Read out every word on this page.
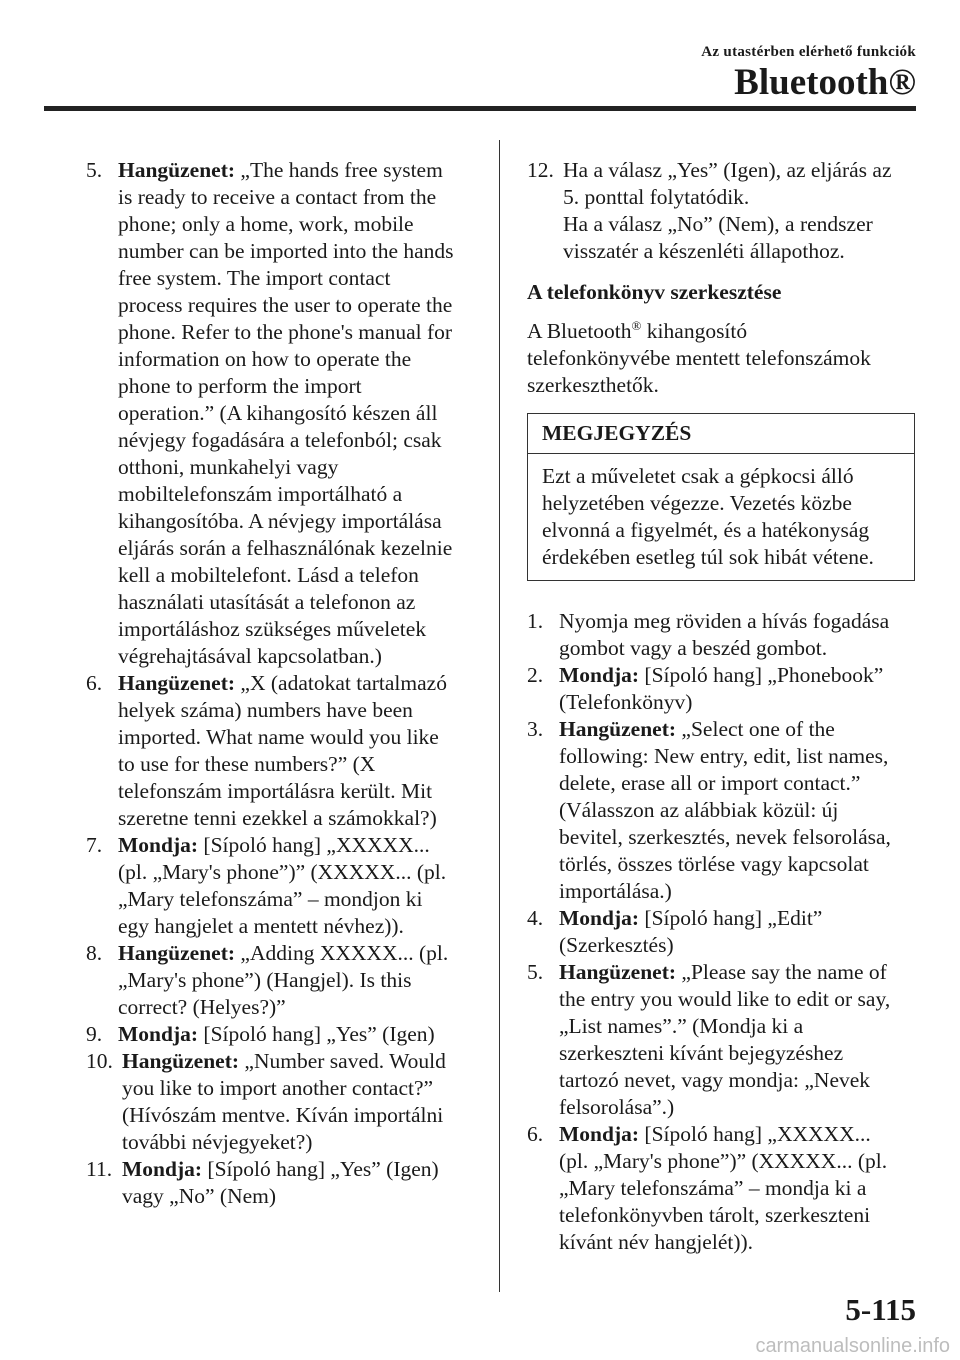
Az utastérben elérhető funkciók
Bluetooth®
5. Hangüzenet: „The hands free system
is ready to receive a contact from the
phone; only a home, work, mobile
number can be imported into the hands
free system. The import contact
process requires the user to operate the
phone. Refer to the phone's manual for
information on how to operate the
phone to perform the import
operation.” (A kihangosító készen áll
névjegy fogadására a telefonból; csak
otthoni, munkahelyi vagy
mobiltelefonszám importálható a
kihangosítóba. A névjegy importálása
eljárás során a felhasználónak kezelnie
kell a mobiltelefont. Lásd a telefon
használati utasítását a telefonon az
importáláshoz szükséges műveletek
végrehajtásával kapcsolatban.)
6. Hangüzenet: „X (adatokat tartalmazó
helyek száma) numbers have been
imported. What name would you like
to use for these numbers?” (X
telefonszám importálásra került. Mit
szeretne tenni ezekkel a számokkal?)
7. Mondja: [Sípoló hang] „XXXXX...
(pl. „Mary's phone”)” (XXXXX... (pl.
„Mary telefonszáma” – mondjon ki
egy hangjelet a mentett névhez)).
8. Hangüzenet: „Adding XXXXX... (pl.
„Mary's phone”) (Hangjel). Is this
correct? (Helyes?)”
9. Mondja: [Sípoló hang] „Yes” (Igen)
10. Hangüzenet: „Number saved. Would
you like to import another contact?”
(Hívószám mentve. Kíván importálni
további névjegyeket?)
11. Mondja: [Sípoló hang] „Yes” (Igen)
vagy „No” (Nem)
12. Ha a válasz „Yes” (Igen), az eljárás az
5. ponttal folytatódik.
Ha a válasz „No” (Nem), a rendszer
visszatér a készenléti állapothoz.
A telefonkönyv szerkesztése
A Bluetooth® kihangosító
telefonkönyvébe mentett telefonszámok
szerkeszthetők.
MEGJEGYZÉS
Ezt a műveletet csak a gépkocsi álló
helyzetében végezze. Vezetés közbe
elvonná a figyelmét, és a hatékonyság
érdekében esetleg túl sok hibát vétene.
1. Nyomja meg röviden a hívás fogadása
gombot vagy a beszéd gombot.
2. Mondja: [Sípoló hang] „Phonebook”
(Telefonkönyv)
3. Hangüzenet: „Select one of the
following: New entry, edit, list names,
delete, erase all or import contact.”
(Válasszon az alábbiak közül: új
bevitel, szerkesztés, nevek felsorolása,
törlés, összes törlése vagy kapcsolat
importálása.)
4. Mondja: [Sípoló hang] „Edit”
(Szerkesztés)
5. Hangüzenet: „Please say the name of
the entry you would like to edit or say,
„List names”.” (Mondja ki a
szerkeszteni kívánt bejegyzéshez
tartozó nevet, vagy mondja: „Nevek
felsorolása”.)
6. Mondja: [Sípoló hang] „XXXXX...
(pl. „Mary's phone”)” (XXXXX... (pl.
„Mary telefonszáma” – mondja ki a
telefonkönyvben tárolt, szerkeszteni
kívánt név hangjelét)).
5-115
carmanualsonline.info
